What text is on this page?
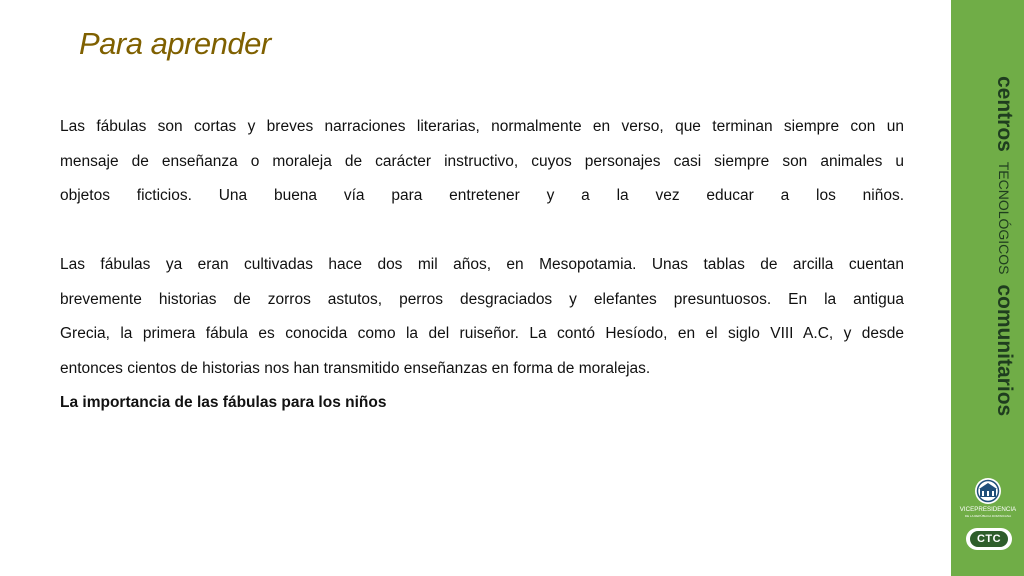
Para aprender

Las fábulas son cortas y breves narraciones literarias, normalmente en verso, que terminan siempre con un

mensaje de enseñanza o moraleja de carácter instructivo, cuyos personajes casi siempre son animales u

objetos ficticios. Una buena vía para entretener y a la vez educar a los niños.

Las fábulas ya eran cultivadas hace dos mil años, en Mesopotamia. Unas tablas de arcilla cuentan

brevemente historias de zorros astutos, perros desgraciados y elefantes presuntuosos. En la antigua

Grecia, la primera fábula es conocida como la del ruiseñor. La contó Hesíodo, en el siglo VIII A.C, y desde

entonces cientos de historias nos han transmitido enseñanzas en forma de moralejas.

La importancia de las fábulas para los niños

centros TECNOLÓGICOS comunitarios
VICEPRESIDENCIA
DE LA REPÚBLICA DOMINICANA
CTC
